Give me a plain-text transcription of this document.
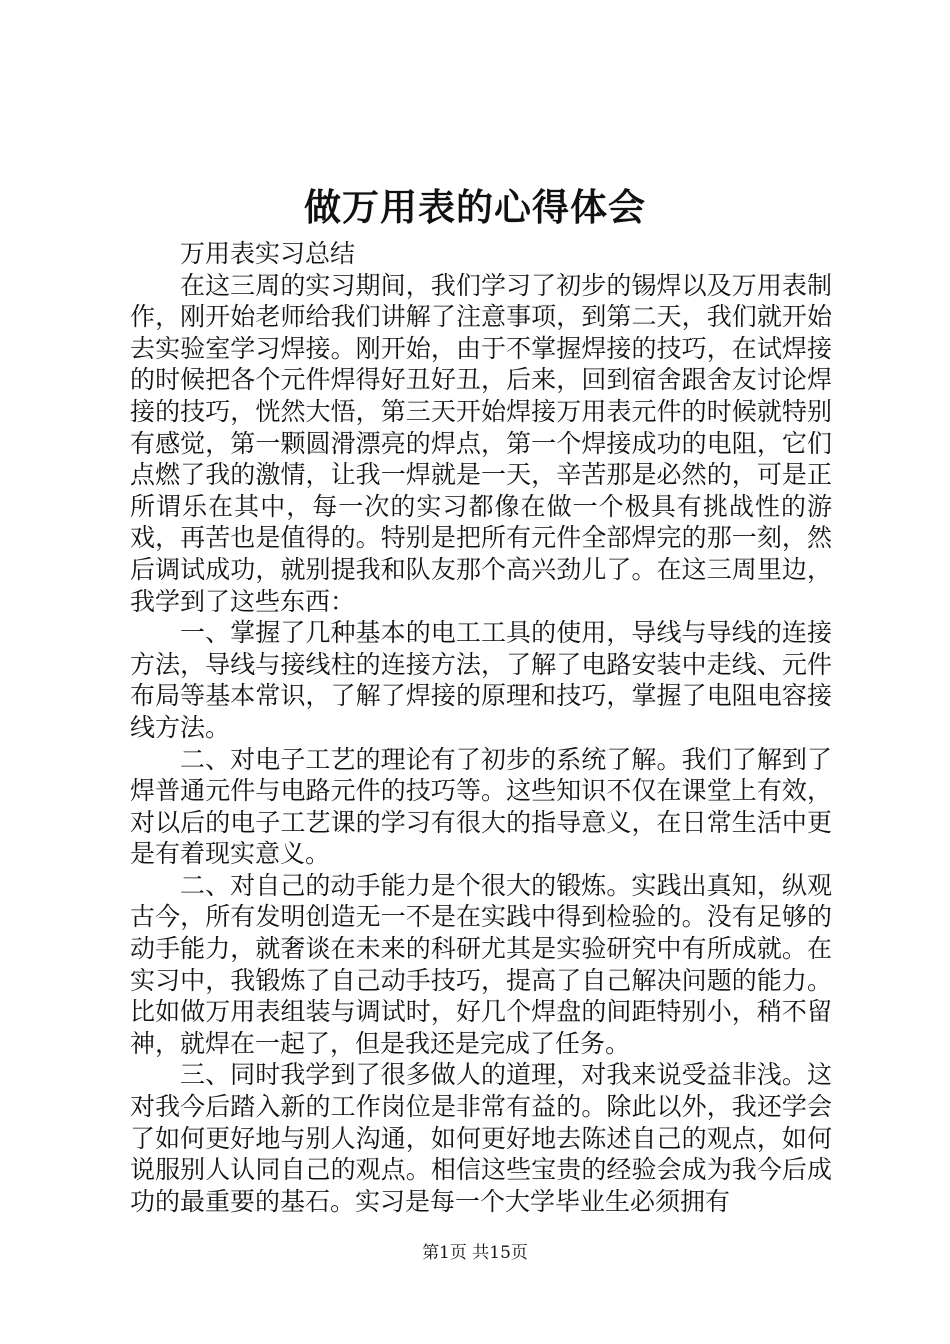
做万用表的心得体会

万用表实习总结

在这三周的实习期间，我们学习了初步的锡焊以及万用表制作，刚开始老师给我们讲解了注意事项，到第二天，我们就开始去实验室学习焊接。刚开始，由于不掌握焊接的技巧，在试焊接的时候把各个元件焊得好丑好丑，后来，回到宿舍跟舍友讨论焊接的技巧，恍然大悟，第三天开始焊接万用表元件的时候就特别有感觉，第一颗圆滑漂亮的焊点，第一个焊接成功的电阻，它们点燃了我的激情，让我一焊就是一天，辛苦那是必然的，可是正所谓乐在其中，每一次的实习都像在做一个极具有挑战性的游戏，再苦也是值得的。特别是把所有元件全部焊完的那一刻，然后调试成功，就别提我和队友那个高兴劲儿了。在这三周里边，我学到了这些东西：

一、掌握了几种基本的电工工具的使用，导线与导线的连接方法，导线与接线柱的连接方法，了解了电路安装中走线、元件布局等基本常识，了解了焊接的原理和技巧，掌握了电阻电容接线方法。

二、对电子工艺的理论有了初步的系统了解。我们了解到了焊普通元件与电路元件的技巧等。这些知识不仅在课堂上有效，对以后的电子工艺课的学习有很大的指导意义，在日常生活中更是有着现实意义。

二、对自己的动手能力是个很大的锻炼。实践出真知，纵观古今，所有发明创造无一不是在实践中得到检验的。没有足够的动手能力，就奢谈在未来的科研尤其是实验研究中有所成就。在实习中，我锻炼了自己动手技巧，提高了自己解决问题的能力。比如做万用表组装与调试时，好几个焊盘的间距特别小，稍不留神，就焊在一起了，但是我还是完成了任务。

三、同时我学到了很多做人的道理，对我来说受益非浅。这对我今后踏入新的工作岗位是非常有益的。除此以外，我还学会了如何更好地与别人沟通，如何更好地去陈述自己的观点，如何说服别人认同自己的观点。相信这些宝贵的经验会成为我今后成功的最重要的基石。实习是每一个大学毕业生必须拥有

第1页 共15页
